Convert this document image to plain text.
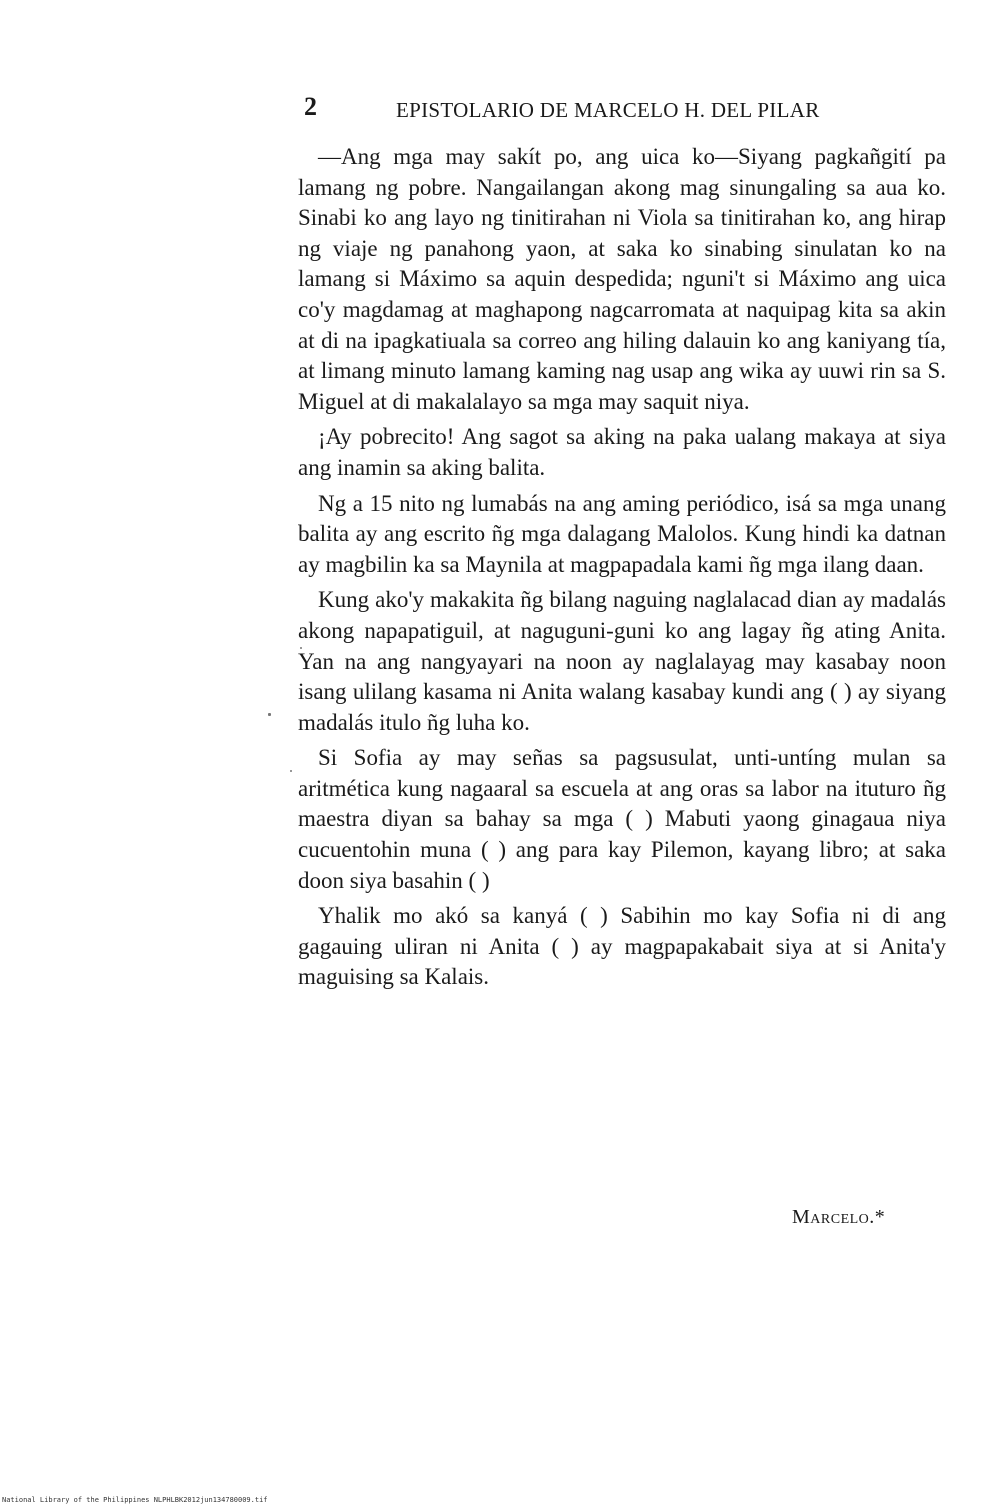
2	EPISTOLARIO DE MARCELO H. DEL PILAR

—Ang mga may sakít po, ang uica ko—Siyang pagkañgití pa lamang ng pobre. Nangailangan akong mag sinungaling sa aua ko. Sinabi ko ang layo ng tinitirahan ni Viola sa tinitirahan ko, ang hirap ng viaje ng panahong yaon, at saka ko sinabing sinulatan ko na lamang si Máximo sa aquin despedida; nguni't si Máximo ang uica co'y magdamag at maghapong nagcarromata at naquipag kita sa akin at di na ipagkatiuala sa correo ang hiling dalauin ko ang kaniyang tía, at limang minuto lamang kaming nag usap ang wika ay uuwi rin sa S. Miguel at di makalalayo sa mga may saquit niya.

¡Ay pobrecito! Ang sagot sa aking na paka ualang makaya at siya ang inamin sa aking balita.

Ng a 15 nito ng lumabás na ang aming periódico, isá sa mga unang balita ay ang escrito ñg mga dalagang Malolos. Kung hindi ka datnan ay magbilin ka sa Maynila at magpapadala kami ñg mga ilang daan.

Kung ako'y makakita ñg bilang naguing naglalacad dian ay madalás akong napapatiguil, at naguguni-guni ko ang lagay ñg ating Anita. Yan na ang nangyayari na noon ay naglalayag may kasabay noon isang ulilang kasama ni Anita walang kasabay kundi ang ( ) ay siyang madalás itulo ñg luha ko.

Si Sofia ay may señas sa pagsusulat, unti-untíng mulan sa aritmética kung nagaaral sa escuela at ang oras sa labor na ituturo ñg maestra diyan sa bahay sa mga ( ) Mabuti yaong ginagaua niya cucuentohin muna ( ) ang para kay Pilemon, kayang libro; at saka doon siya basahin ( )

Yhalik mo akó sa kanyá ( ) Sabihin mo kay Sofia ni di ang gagauing uliran ni Anita ( ) ay magpapakabait siya at si Anita'y maguising sa Kalais.

Marcelo.*
National Library of the Philippines NLPHLBK2012jun134780009.tif
